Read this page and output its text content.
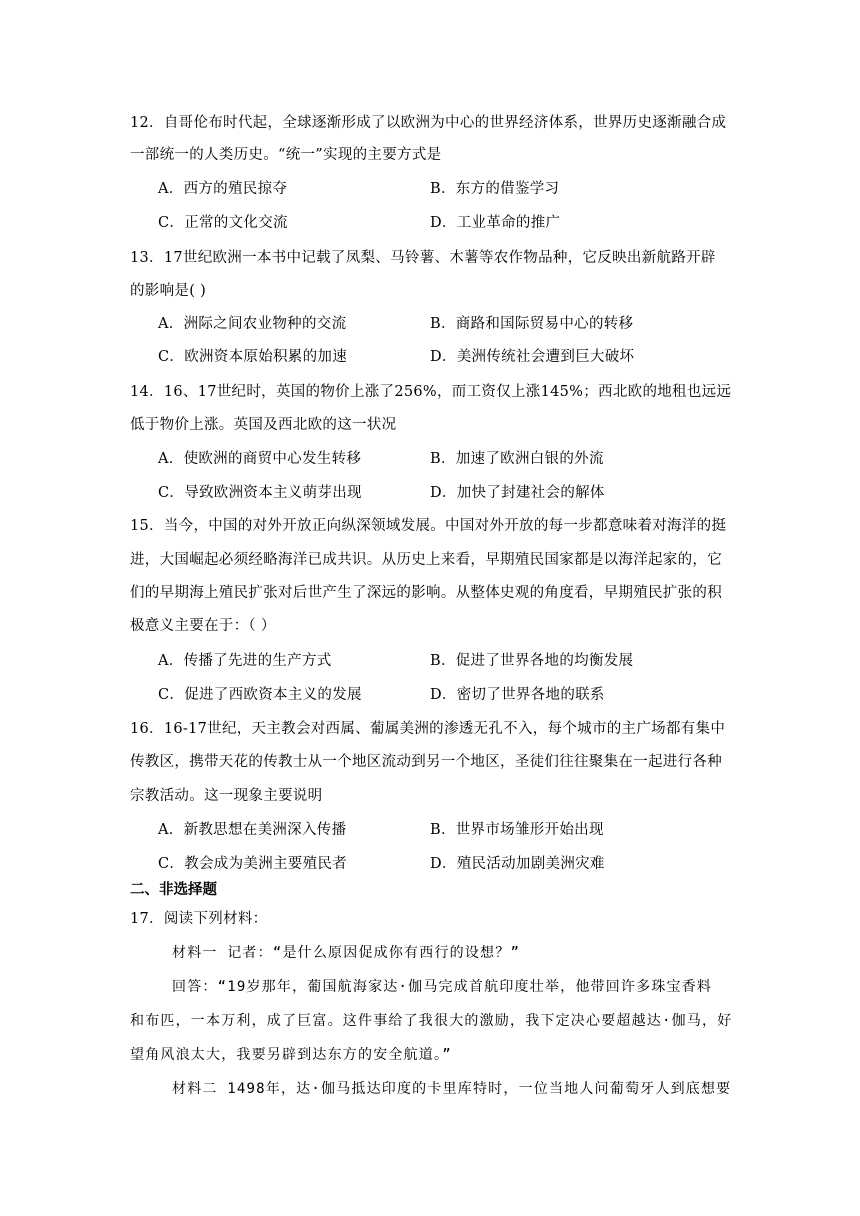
12．自哥伦布时代起，全球逐渐形成了以欧洲为中心的世界经济体系，世界历史逐渐融合成
一部统一的人类历史。“统一”实现的主要方式是
A．西方的殖民掠夺	B．东方的借鉴学习
C．正常的文化交流	D．工业革命的推广
13．17世纪欧洲一本书中记载了凤梨、马铃薯、木薯等农作物品种，它反映出新航路开辟
的影响是( )
A．洲际之间农业物种的交流	B．商路和国际贸易中心的转移
C．欧洲资本原始积累的加速	D．美洲传统社会遭到巨大破坏
14．16、17世纪时，英国的物价上涨了256%，而工资仅上涨145%；西北欧的地租也远远
低于物价上涨。英国及西北欧的这一状况
A．使欧洲的商贸中心发生转移	B．加速了欧洲白银的外流
C．导致欧洲资本主义萌芽出现	D．加快了封建社会的解体
15．当今，中国的对外开放正向纵深领域发展。中国对外开放的每一步都意味着对海洋的挺
进，大国崛起必须经略海洋已成共识。从历史上来看，早期殖民国家都是以海洋起家的，它
们的早期海上殖民扩张对后世产生了深远的影响。从整体史观的角度看，早期殖民扩张的积
极意义主要在于：（ ）
A．传播了先进的生产方式	B．促进了世界各地的均衡发展
C．促进了西欧资本主义的发展	D．密切了世界各地的联系
16．16-17世纪，天主教会对西属、葡属美洲的渗透无孔不入，每个城市的主广场都有集中
传教区，携带天花的传教士从一个地区流动到另一个地区，圣徒们往往聚集在一起进行各种
宗教活动。这一现象主要说明
A．新教思想在美洲深入传播	B．世界市场雏形开始出现
C．教会成为美洲主要殖民者	D．殖民活动加剧美洲灾难
二、非选择题
17．阅读下列材料：
材料一 记者：“是什么原因促成你有西行的设想？”
回答：“19岁那年，葡国航海家达·伽马完成首航印度壮举，他带回许多珠宝香料
和布匹，一本万利，成了巨富。这件事给了我很大的激励，我下定决心要超越达·伽马，好
望角风浪太大，我要另辟到达东方的安全航道。”
材料二 1498年，达·伽马抵达印度的卡里库特时，一位当地人问葡萄牙人到底想要
